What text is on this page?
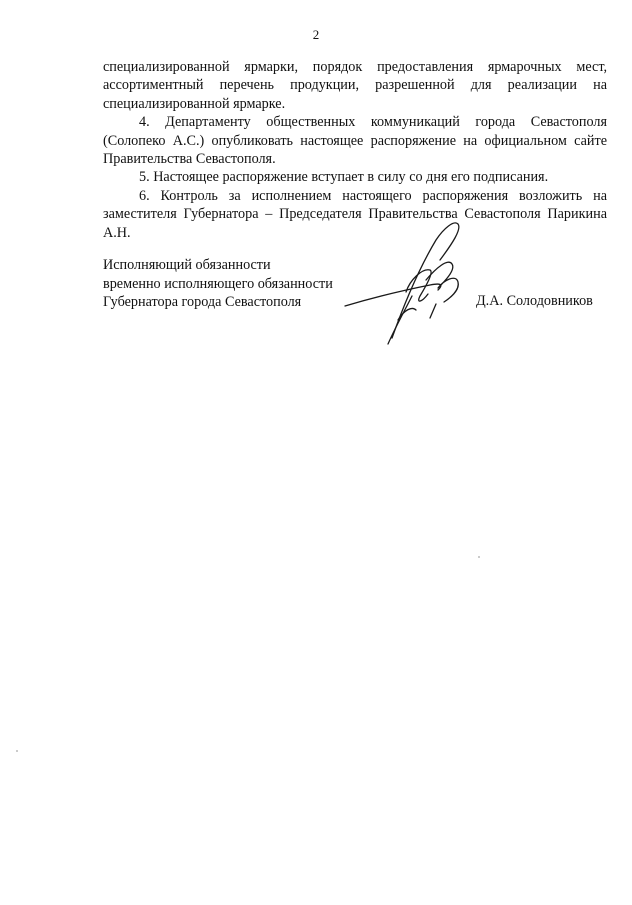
2

специализированной ярмарки, порядок предоставления ярмарочных мест, ассортиментный перечень продукции, разрешенной для реализации на специализированной ярмарке.

4. Департаменту общественных коммуникаций города Севастополя (Солопеко А.С.) опубликовать настоящее распоряжение на официальном сайте Правительства Севастополя.

5. Настоящее распоряжение вступает в силу со дня его подписания.

6. Контроль за исполнением настоящего распоряжения возложить на заместителя Губернатора – Председателя Правительства Севастополя Парикина А.Н.

Исполняющий обязанности
временно исполняющего обязанности
Губернатора города Севастополя	Д.А. Солодовников
